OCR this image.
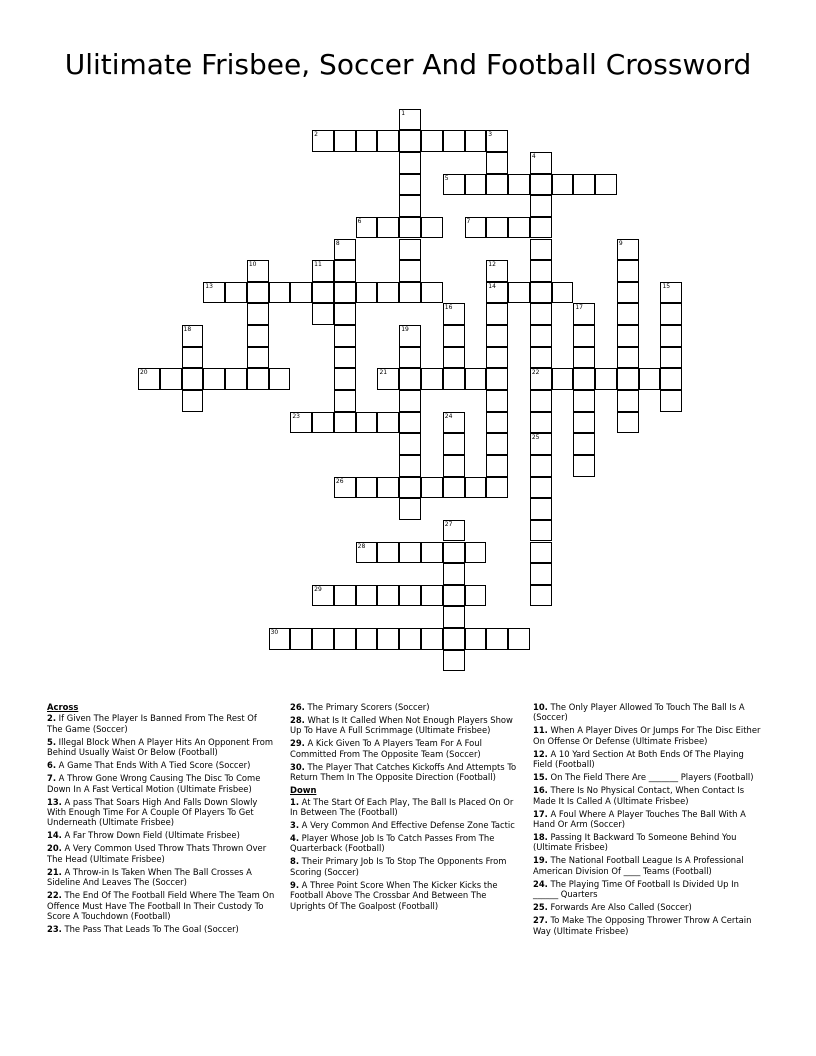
Ulitimate Frisbee, Soccer And Football Crossword
1
2	3
4
5
6	7
8	9
10	11	12
13	14	15
16	17
18	19
20	21	22
23	24
25
26
27
28
29
30
Across
2. If Given The Player Is Banned From The Rest Of The Game (Soccer)
5. Illegal Block When A Player Hits An Opponent From Behind Usually Waist Or Below (Football)
6. A Game That Ends With A Tied Score (Soccer)
7. A Throw Gone Wrong Causing The Disc To Come Down In A Fast Vertical Motion (Ultimate Frisbee)
13. A pass That Soars High And Falls Down Slowly With Enough Time For A Couple Of Players To Get Underneath (Ultimate Frisbee)
14. A Far Throw Down Field (Ultimate Frisbee)
20. A Very Common Used Throw Thats Thrown Over The Head (Ultimate Frisbee)
21. A Throw-in Is Taken When The Ball Crosses A Sideline And Leaves The (Soccer)
22. The End Of The Football Field Where The Team On Offence Must Have The Football In Their Custody To Score A Touchdown (Football)
23. The Pass That Leads To The Goal (Soccer)
26. The Primary Scorers (Soccer)
28. What Is It Called When Not Enough Players Show Up To Have A Full Scrimmage (Ultimate Frisbee)
29. A Kick Given To A Players Team For A Foul Committed From The Opposite Team (Soccer)
30. The Player That Catches Kickoffs And Attempts To Return Them In The Opposite Direction (Football)
Down
1. At The Start Of Each Play, The Ball Is Placed On Or In Between The (Football)
3. A Very Common And Effective Defense Zone Tactic
4. Player Whose Job Is To Catch Passes From The Quarterback (Football)
8. Their Primary Job Is To Stop The Opponents From Scoring (Soccer)
9. A Three Point Score When The Kicker Kicks the Football Above The Crossbar And Between The Uprights Of The Goalpost (Football)
10. The Only Player Allowed To Touch The Ball Is A (Soccer)
11. When A Player Dives Or Jumps For The Disc Either On Offense Or Defense (Ultimate Frisbee)
12. A 10 Yard Section At Both Ends Of The Playing Field (Football)
15. On The Field There Are _______ Players (Football)
16. There Is No Physical Contact, When Contact Is Made It Is Called A (Ultimate Frisbee)
17. A Foul Where A Player Touches The Ball With A Hand Or Arm (Soccer)
18. Passing It Backward To Someone Behind You (Ultimate Frisbee)
19. The National Football League Is A Professional American Division Of ____ Teams (Football)
24. The Playing Time Of Football Is Divided Up In ______ Quarters
25. Forwards Are Also Called (Soccer)
27. To Make The Opposing Thrower Throw A Certain Way (Ultimate Frisbee)
